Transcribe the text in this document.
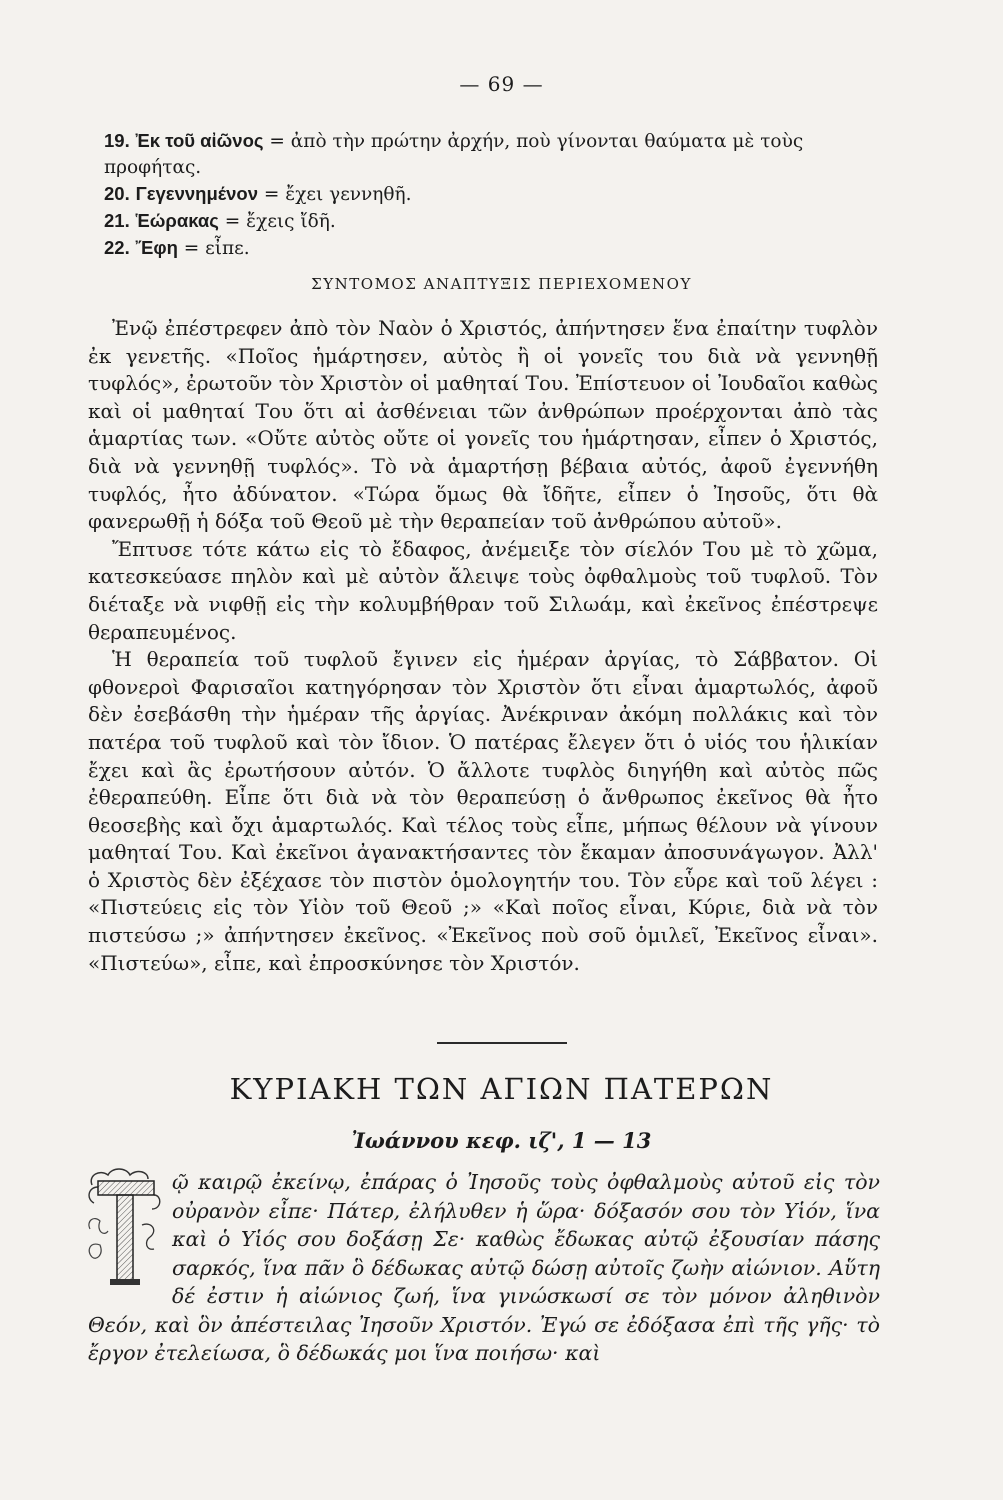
— 69 —

19. Ἐκ τοῦ αἰῶνος = ἀπὸ τὴν πρώτην ἀρχήν, ποὺ γίνονται θαύματα μὲ τοὺς προφήτας.

20. Γεγεννημένον = ἔχει γεννηθῆ.

21. Ἑώρακας = ἔχεις ἴδῆ.

22. Ἔφη = εἶπε.

ΣΥΝΤΟΜΟΣ ΑΝΑΠΤΥΞΙΣ ΠΕΡΙΕΧΟΜΕΝΟΥ

Ἐνῷ ἐπέστρεφεν ἀπὸ τὸν Ναὸν ὁ Χριστός, ἀπήντησεν ἕνα ἐπαίτην τυφλὸν ἐκ γενετῆς. «Ποῖος ἡμάρτησεν, αὐτὸς ἢ οἱ γονεῖς του διὰ νὰ γεννηθῇ τυφλός», ἐρωτοῦν τὸν Χριστὸν οἱ μαθηταί Του. Ἐπίστευον οἱ Ἰουδαῖοι καθὼς καὶ οἱ μαθηταί Του ὅτι αἱ ἀσθένειαι τῶν ἀνθρώπων προέρχονται ἀπὸ τὰς ἁμαρτίας των. «Οὔτε αὐτὸς οὔτε οἱ γονεῖς του ἡμάρτησαν, εἶπεν ὁ Χριστός, διὰ νὰ γεννηθῇ τυφλός». Τὸ νὰ ἁμαρτήσῃ βέβαια αὐτός, ἀφοῦ ἐγεννήθη τυφλός, ἦτο ἀδύνατον. «Τώρα ὅμως θὰ ἴδῆτε, εἶπεν ὁ Ἰησοῦς, ὅτι θὰ φανερωθῇ ἡ δόξα τοῦ Θεοῦ μὲ τὴν θεραπείαν τοῦ ἀνθρώπου αὐτοῦ».

Ἔπτυσε τότε κάτω εἰς τὸ ἔδαφος, ἀνέμειξε τὸν σίελόν Του μὲ τὸ χῶμα, κατεσκεύασε πηλὸν καὶ μὲ αὐτὸν ἄλειψε τοὺς ὀφθαλμοὺς τοῦ τυφλοῦ. Τὸν διέταξε νὰ νιφθῇ εἰς τὴν κολυμβήθραν τοῦ Σιλωάμ, καὶ ἐκεῖνος ἐπέστρεψε θεραπευμένος.

Ἡ θεραπεία τοῦ τυφλοῦ ἔγινεν εἰς ἡμέραν ἀργίας, τὸ Σάββατον. Οἱ φθονεροὶ Φαρισαῖοι κατηγόρησαν τὸν Χριστὸν ὅτι εἶναι ἁμαρτωλός, ἀφοῦ δὲν ἐσεβάσθη τὴν ἡμέραν τῆς ἀργίας. Ἀνέκριναν ἀκόμη πολλάκις καὶ τὸν πατέρα τοῦ τυφλοῦ καὶ τὸν ἴδιον. Ὁ πατέρας ἔλεγεν ὅτι ὁ υἱός του ἡλικίαν ἔχει καὶ ἂς ἐρωτήσουν αὐτόν. Ὁ ἄλλοτε τυφλὸς διηγήθη καὶ αὐτὸς πῶς ἐθεραπεύθη. Εἶπε ὅτι διὰ νὰ τὸν θεραπεύσῃ ὁ ἄνθρωπος ἐκεῖνος θὰ ἦτο θεοσεβὴς καὶ ὄχι ἁμαρτωλός. Καὶ τέλος τοὺς εἶπε, μήπως θέλουν νὰ γίνουν μαθηταί Του. Καὶ ἐκεῖνοι ἀγανακτήσαντες τὸν ἔκαμαν ἀποσυνάγωγον. Ἀλλ' ὁ Χριστὸς δὲν ἐξέχασε τὸν πιστὸν ὁμολογητήν του. Τὸν εὗρε καὶ τοῦ λέγει : «Πιστεύεις εἰς τὸν Υἱὸν τοῦ Θεοῦ ;» «Καὶ ποῖος εἶναι, Κύριε, διὰ νὰ τὸν πιστεύσω ;» ἀπήντησεν ἐκεῖνος. «Ἐκεῖνος ποὺ σοῦ ὁμιλεῖ, Ἐκεῖνος εἶναι». «Πιστεύω», εἶπε, καὶ ἐπροσκύνησε τὸν Χριστόν.

ΚΥΡΙΑΚΗ ΤΩΝ ΑΓΙΩΝ ΠΑΤΕΡΩΝ
Ἰωάννου κεφ. ιζ', 1 — 13
ῷ καιρῷ ἐκείνῳ, ἐπάρας ὁ Ἰησοῦς τοὺς ὀφθαλμοὺς αὐτοῦ εἰς τὸν οὐρανὸν εἶπε· Πάτερ, ἐλήλυθεν ἡ ὥρα· δόξασόν σου τὸν Υἱόν, ἵνα καὶ ὁ Υἱός σου δοξάσῃ Σε· καθὼς ἔδωκας αὐτῷ ἐξουσίαν πάσης σαρκός, ἵνα πᾶν ὃ δέδωκας αὐτῷ δώσῃ αὐτοῖς ζωὴν αἰώνιον. Αὕτη δέ ἐστιν ἡ αἰώνιος ζωή, ἵνα γινώσκωσί σε τὸν μόνον ἀληθινὸν Θεόν, καὶ ὃν ἀπέστειλας Ἰησοῦν Χριστόν. Ἐγώ σε ἐδόξασα ἐπὶ τῆς γῆς· τὸ ἔργον ἐτελείωσα, ὃ δέδωκάς μοι ἵνα ποιήσω· καὶ
